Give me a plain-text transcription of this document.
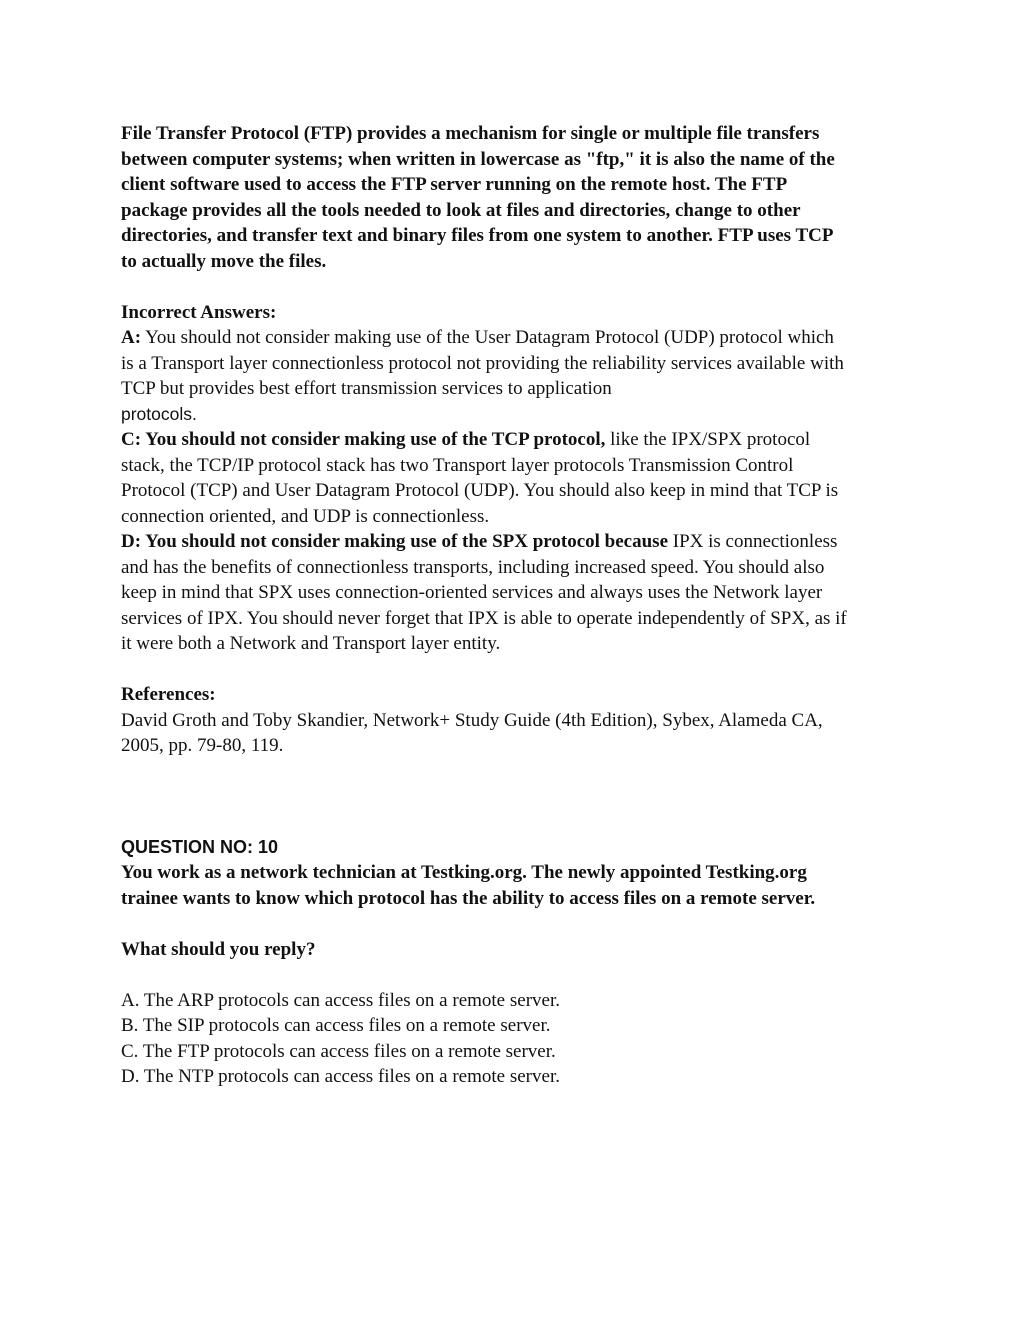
File Transfer Protocol (FTP) provides a mechanism for single or multiple file transfers between computer systems; when written in lowercase as "ftp," it is also the name of the client software used to access the FTP server running on the remote host. The FTP package provides all the tools needed to look at files and directories, change to other directories, and transfer text and binary files from one system to another. FTP uses TCP to actually move the files.

Incorrect Answers:

A: You should not consider making use of the User Datagram Protocol (UDP) protocol which is a Transport layer connectionless protocol not providing the reliability services available with TCP but provides best effort transmission services to application

protocols.

C: You should not consider making use of the TCP protocol, like the IPX/SPX protocol stack, the TCP/IP protocol stack has two Transport layer protocols Transmission Control Protocol (TCP) and User Datagram Protocol (UDP). You should also keep in mind that TCP is connection oriented, and UDP is connectionless.

D: You should not consider making use of the SPX protocol because IPX is connectionless and has the benefits of connectionless transports, including increased speed. You should also keep in mind that SPX uses connection-oriented services and always uses the Network layer services of IPX. You should never forget that IPX is able to operate independently of SPX, as if it were both a Network and Transport layer entity.

References:

David Groth and Toby Skandier, Network+ Study Guide (4th Edition), Sybex, Alameda CA, 2005, pp. 79-80, 119.

QUESTION NO: 10

You work as a network technician at Testking.org. The newly appointed Testking.org trainee wants to know which protocol has the ability to access files on a remote server.

What should you reply?

A. The ARP protocols can access files on a remote server.

B. The SIP protocols can access files on a remote server.

C. The FTP protocols can access files on a remote server.

D. The NTP protocols can access files on a remote server.
